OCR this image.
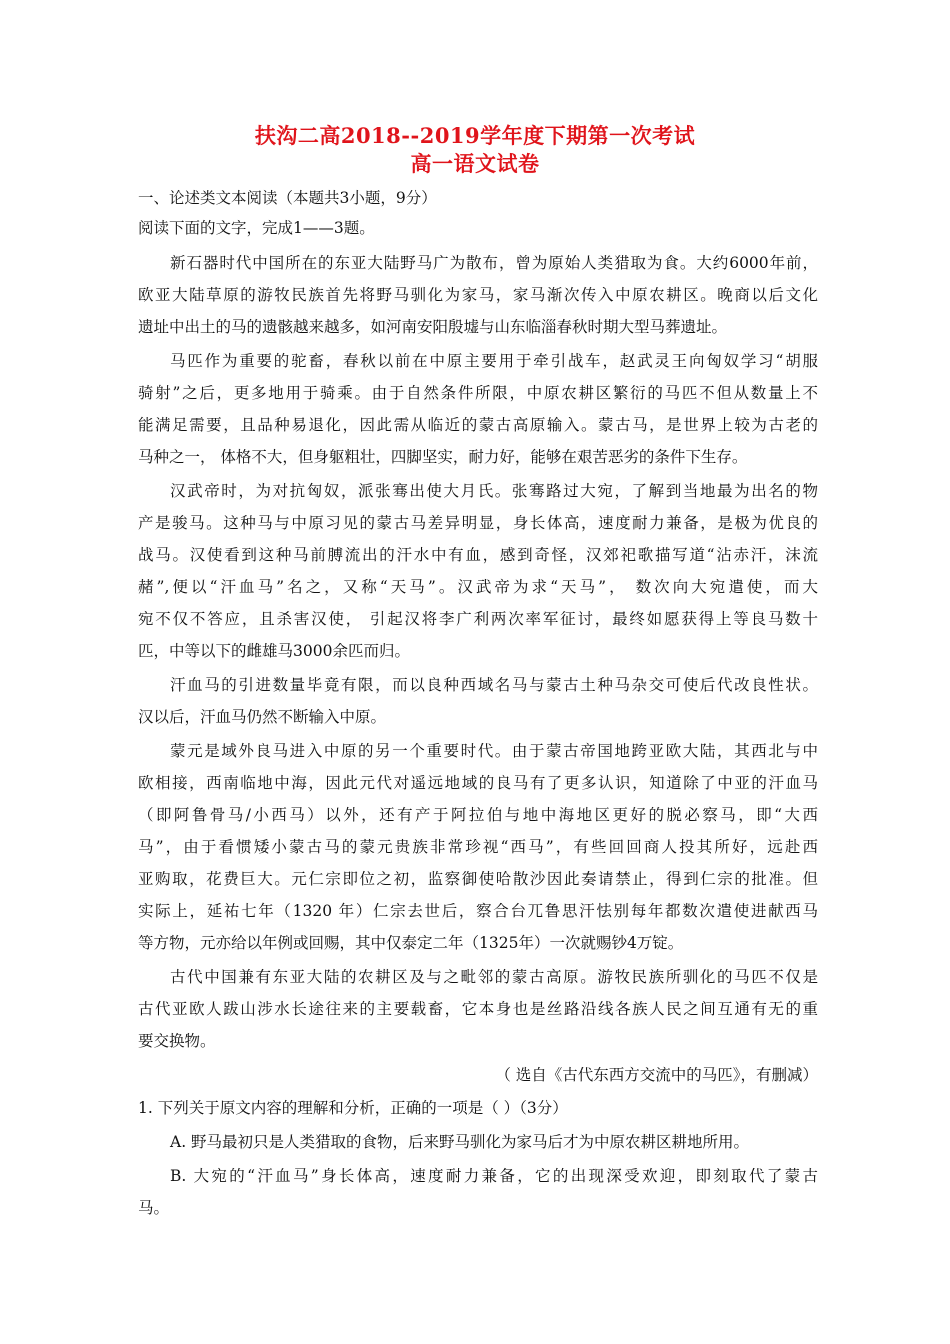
扶沟二高2018--2019学年度下期第一次考试
高一语文试卷
一、论述类文本阅读（本题共3小题，9分）
阅读下面的文字，完成1——3题。
新石器时代中国所在的东亚大陆野马广为散布，曾为原始人类猎取为食。大约6000年前，
欧亚大陆草原的游牧民族首先将野马驯化为家马，家马渐次传入中原农耕区。晚商以后文化
遗址中出土的马的遗骸越来越多，如河南安阳殷墟与山东临淄春秋时期大型马葬遗址。
马匹作为重要的驼畜，春秋以前在中原主要用于牵引战车，赵武灵王向匈奴学习“胡服
骑射”之后，更多地用于骑乘。由于自然条件所限，中原农耕区繁衍的马匹不但从数量上不
能满足需要，且品种易退化，因此需从临近的蒙古高原输入。蒙古马，是世界上较为古老的
马种之一， 体格不大，但身躯粗壮，四脚坚实，耐力好，能够在艰苦恶劣的条件下生存。
汉武帝时，为对抗匈奴，派张骞出使大月氏。张骞路过大宛，了解到当地最为出名的物
产是骏马。这种马与中原习见的蒙古马差异明显，身长体高，速度耐力兼备，是极为优良的
战马。汉使看到这种马前膊流出的汗水中有血，感到奇怪，汉郊祀歌描写道“沾赤汗，沫流
赭”,便以“汗血马”名之，又称“天马”。汉武帝为求“天马”， 数次向大宛遣使，而大
宛不仅不答应，且杀害汉使， 引起汉将李广利两次率军征讨，最终如愿获得上等良马数十
匹，中等以下的雌雄马3000余匹而归。
汗血马的引进数量毕竟有限，而以良种西域名马与蒙古土种马杂交可使后代改良性状。
汉以后，汗血马仍然不断输入中原。
蒙元是域外良马进入中原的另一个重要时代。由于蒙古帝国地跨亚欧大陆，其西北与中
欧相接，西南临地中海，因此元代对遥远地域的良马有了更多认识，知道除了中亚的汗血马
（即阿鲁骨马/小西马）以外，还有产于阿拉伯与地中海地区更好的脱必察马，即“大西
马”，由于看惯矮小蒙古马的蒙元贵族非常珍视“西马”，有些回回商人投其所好，远赴西
亚购取，花费巨大。元仁宗即位之初，监察御使哈散沙因此奏请禁止，得到仁宗的批准。但
实际上，延祐七年（1320 年）仁宗去世后，察合台兀鲁思汗怯别每年都数次遣使进献西马
等方物，元亦给以年例或回赐，其中仅泰定二年（1325年）一次就赐钞4万锭。
古代中国兼有东亚大陆的农耕区及与之毗邻的蒙古高原。游牧民族所驯化的马匹不仅是
古代亚欧人跋山涉水长途往来的主要载畜，它本身也是丝路沿线各族人民之间互通有无的重
要交换物。
（ 选自《古代东西方交流中的马匹》，有删减）
1. 下列关于原文内容的理解和分析，正确的一项是（ ）（3分）
A. 野马最初只是人类猎取的食物，后来野马驯化为家马后才为中原农耕区耕地所用。
B. 大宛的“汗血马”身长体高，速度耐力兼备，它的出现深受欢迎，即刻取代了蒙古
马。
